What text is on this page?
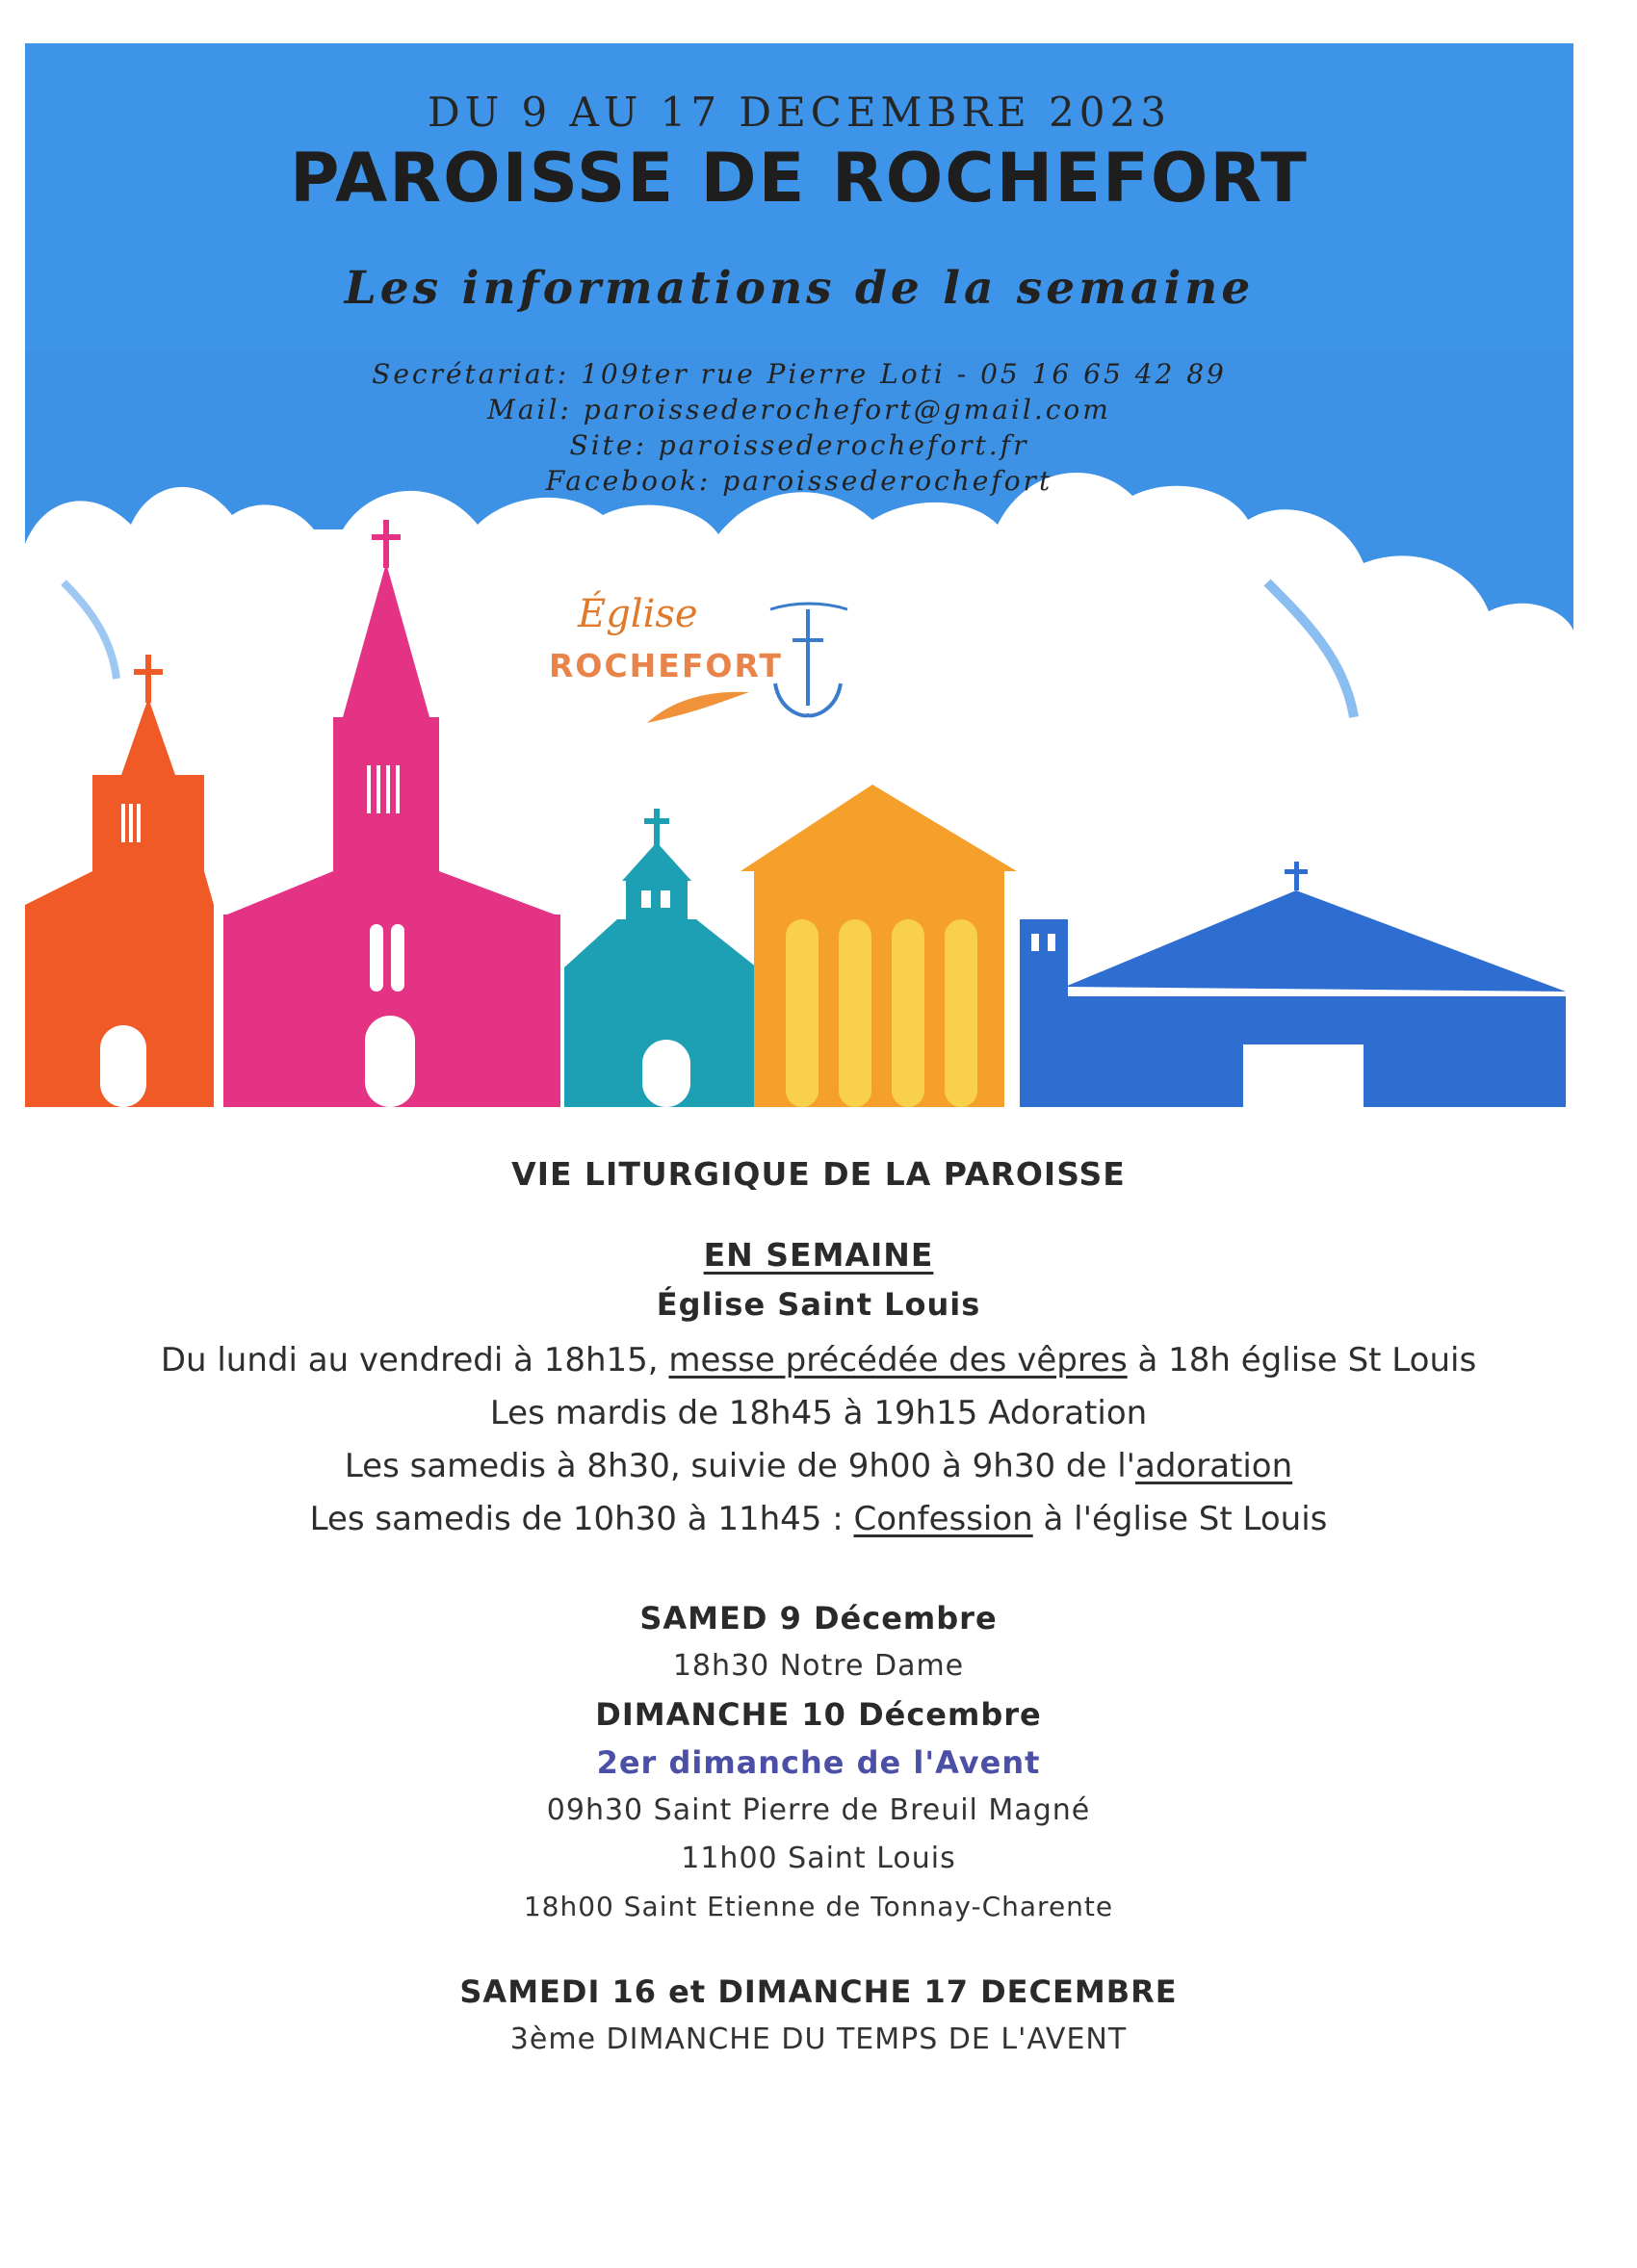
DU 9 AU 17 DECEMBRE 2023
PAROISSE DE ROCHEFORT
Les informations de la semaine
Secrétariat: 109ter rue Pierre Loti - 05 16 65 42 89
Mail: paroissederochefort@gmail.com
Site: paroissederochefort.fr
Facebook: paroissederochefort
Église
ROCHEFORT
VIE LITURGIQUE DE LA PAROISSE
EN SEMAINE
Église Saint Louis
Du lundi au vendredi à 18h15, messe précédée des vêpres à 18h église St Louis
Les mardis de 18h45 à 19h15 Adoration
Les samedis à 8h30, suivie de 9h00 à 9h30 de l'adoration
Les samedis de 10h30 à 11h45 : Confession à l'église St Louis
SAMED 9 Décembre
18h30 Notre Dame
DIMANCHE 10 Décembre
2er dimanche de l'Avent
09h30 Saint Pierre de Breuil Magné
11h00 Saint Louis
18h00 Saint Etienne de Tonnay-Charente
SAMEDI 16 et DIMANCHE 17 DECEMBRE
3ème DIMANCHE DU TEMPS DE L'AVENT
